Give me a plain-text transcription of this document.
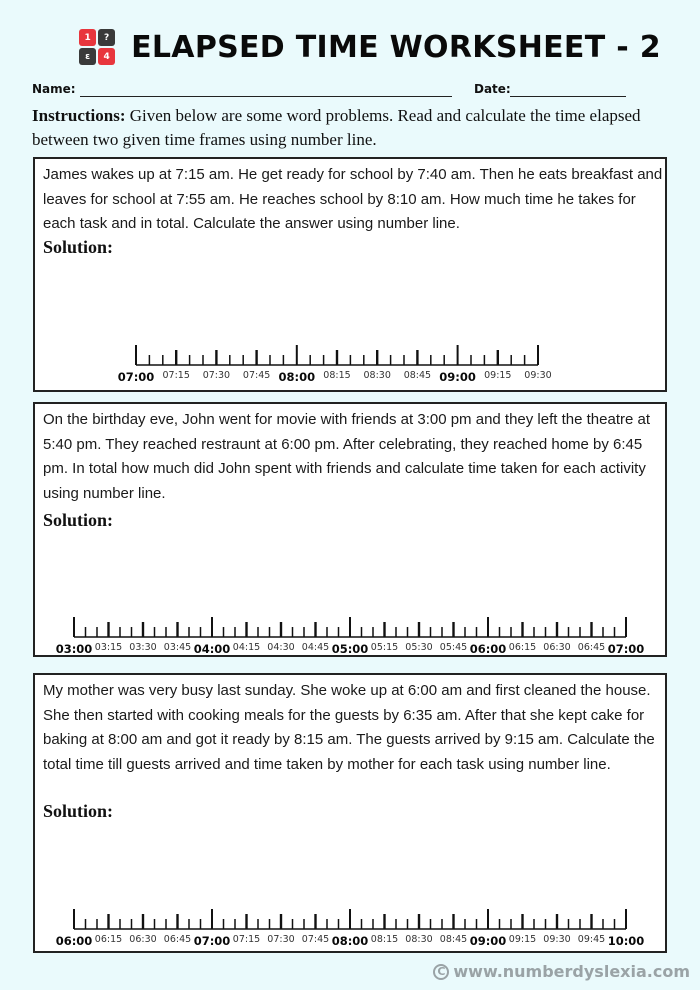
1	?
ε	4 ELAPSED TIME WORKSHEET - 2
Name:	Date:
Instructions: Given below are some word problems. Read and calculate the time elapsed between two given time frames using number line.
James wakes up at 7:15 am. He get ready for school by 7:40 am. Then he eats breakfast and leaves for school at 7:55 am. He reaches school by 8:10 am. How much time he takes for each task and in total. Calculate the answer using number line.
Solution:
07:00 07:15 07:30 07:45 08:00 08:15 08:30 08:45 09:00 09:15 09:30
On the birthday eve, John went for movie with friends at 3:00 pm and they left the theatre at 5:40 pm. They reached restraunt at 6:00 pm. After celebrating, they reached home by 6:45 pm. In total how much did John spent with friends and calculate time taken for each activity using number line.
Solution:
03:00 03:15 03:30 03:45 04:00 04:15 04:30 04:45 05:00 05:15 05:30 05:45 06:00 06:15 06:30 06:45 07:00
My mother was very busy last sunday. She woke up at 6:00 am and first cleaned the house. She then started with cooking meals for the guests by 6:35 am. After that she kept cake for baking at 8:00 am and got it ready by 8:15 am. The guests arrived by 9:15 am. Calculate the total time till guests arrived and time taken by mother for each task using number line.
Solution:
06:00 06:15 06:30 06:45 07:00 07:15 07:30 07:45 08:00 08:15 08:30 08:45 09:00 09:15 09:30 09:45 10:00
C www.numberdyslexia.com
